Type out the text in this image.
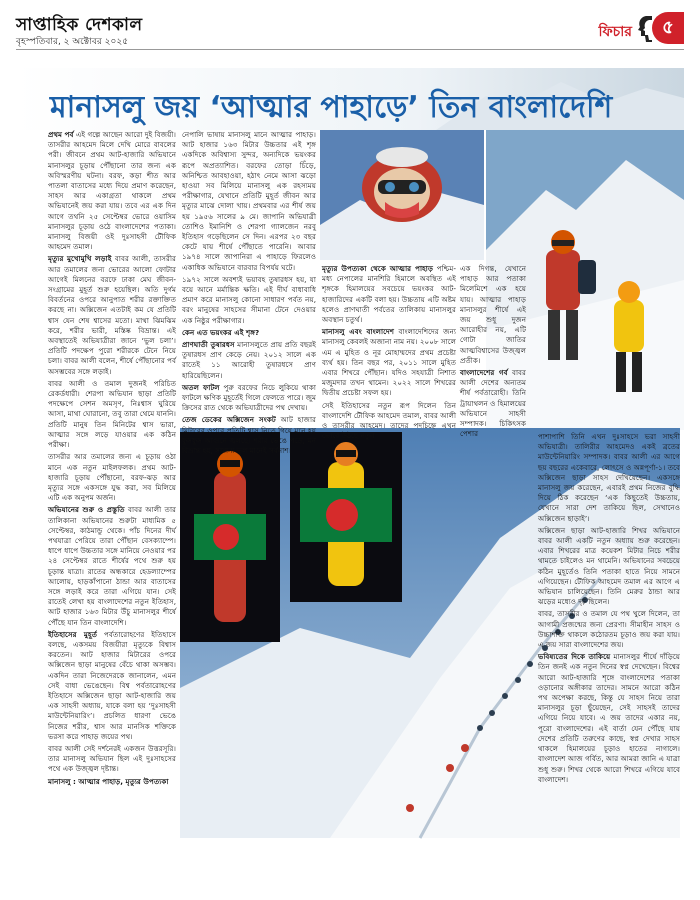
সাপ্তাহিক দেশকাল
বৃহস্পতিবার, ২ অক্টোবর ২০২৫
ফিচার	৫
মানাসলু জয় ‘আত্মার পাহাড়ে’ তিন বাংলাদেশি

প্রথম পর্ব এই গল্পে আছেন আরো দুই বিজয়ী। তাসরীর আহমেদ মিলে দেখি মোরে বাবলের পরী। জীবনে প্রথম আট-হাজারি অভিযানে মানাসলুর চূড়ায় পৌঁছানো তার জন্য এক অবিস্মরণীয় ঘটনা। বরফ, কড়া শীত আর পাতলা বাতাসের মধ্যে দিয়ে প্রমাণ করেছেন, সাহস আর একাগ্রতা থাকলে প্রথম অভিযানেই জয় করা যায়। তবে এর এক দিন আগে তথনি ২৫ সেপ্টেম্বর ভোরে ওয়াসিম মানাসলুর চূড়ায় ওঠে বাংলাদেশের পতাকা। মানাসলু বিজয়ী ওই দুঃসাহসী টৌফিক আহমেদ তমাল।

মৃত্যুর মুখোমুখি লড়াই বাবর আলী, তাসরীর আর তমালের জন্য ভোরের আলো ফোটার আগেই মিলনের বরফে ঢাকা মেঘ জীবন-সংগ্রামের মুহূর্ত শুরু হয়েছিল। অতি দুর্গম বিবর্তনের ওপরে আনুপাত শরীর রক্তাক্তিত করছে না। অক্সিজেন এতটাই কম যে প্রতিটি শ্বাস যেন শেষ শ্বাসের মতো। মাথা ঝিমঝিম করে, শরীর ভারী, মস্তিষ্ক বিভ্রান্ত। এই অবস্থাতেই অভিযাত্রীরা জানে ‘ভুল চলা’। প্রতিটি পদক্ষেপ পুরো শরীরকে টেনে নিয়ে চলা। বাবর আলী বলেন, শীর্ষে পৌঁছানোর পর্ব অসম্ভবের সঙ্গে লড়াই।

বাবর আলী ও তমাল দুজনই পরিচিত রেকর্ডধারী। শেরপা অভিযান ছাড়া প্রতিটি পদক্ষেপে সেশন অমসৃণ, নিঃশ্বাস ঘুরিয়ে আসা, মাথা ঘোরানো, তবু তারা থেমে যাননি। প্রতিটি মানুষ তিন মিনিটের শ্বাস ভারা, আত্মার সঙ্গে লড়ে যাওয়ার এক কঠিন পরীক্ষা।

তাসরীর আর তমালের জন্য এ চূড়ায় ওঠা মানে এক নতুন মাইলফলক। প্রথম আট-হাজারি চূড়ায় পৌঁছানো, বরফ-ঝড় আর মৃত্যুর সঙ্গে একসঙ্গে যুদ্ধ করা, সব মিলিয়ে এটি এক অনুপম অর্জন।

অভিযানের শুরু ও প্রস্তুতি বাবর আলী তার তালিকানা অভিযানের শুরুটা মাধ্যমিক ৫ সেপ্টেম্বর, কাঠমান্ডু থেকে। পাঁচ দিনের দীর্ঘ পথযাত্রা পেরিয়ে তারা পৌঁছান বেসক্যাম্পে। ধাপে ধাপে উচ্চতার সঙ্গে মানিয়ে নেওয়ার পর ২৪ সেপ্টেম্বর রাতে শীর্ষের পথে শুরু হয় চূড়ান্ত যাত্রা। রাতের অন্ধকারে হেডল্যাম্পের আলোয়, হাড়কাঁপানো ঠান্ডা আর বাতাসের সঙ্গে লড়াই করে তারা এগিয়ে যান। সেই রাতেই লেখা হয় বাংলাদেশের নতুন ইতিহাস, আট হাজার ১৬৩ মিটার উঁচু মানাসলুর শীর্ষে পৌঁছে যান তিন বাংলাদেশি।

ইতিহাসের মুহূর্ত পর্বতারোহণের ইতিহাসে বলছে, একসময় বিজয়ীরা মৃত্যুকে বিশ্বাস করতেন। আট হাজার মিটারের ওপরে অক্সিজেন ছাড়া মানুষের বেঁচে থাকা অসম্ভব। একদিন তারা নিজেদেরকে জানালেন, এমন সেই বাধা ভেঙেছেন। বিশ্ব পর্বতারোহণের ইতিহাসে অক্সিজেন ছাড়া আট-হাজারি জয় এক সাহসী অধ্যায়, যাকে বলা হয় ‘দুঃসাহসী মাউন্টেনিয়ারিং’। প্রচলিত ধারণা ভেঙে নিজের শরীর, শ্বাস আর মানসিক শক্তিকে ভরসা করে পাহাড় জয়ের পথ।

বাবর আলী সেই দর্শনেরই একজন উত্তরসূরি। তার মানাসলু অভিযান ছিল এই দুঃসাহসের পথে এক উজ্জ্বল দৃষ্টান্ত।

মানাসলু : আত্মার পাহাড়, মৃত্যুর উপত্যকা

নেপালি ভাষায় মানাসলু মানে আত্মার পাহাড়। আট হাজার ১৬৩ মিটার উচ্চতার এই শৃঙ্গ একদিকে অবিশ্বাস্য সুন্দর, অন্যদিকে ভয়ংকর রূপে অপ্রত্যাশিত। বরফের তোড়া চিঁড়ে, অনিশ্চিত আবহাওয়া, হঠাৎ নেমে আসা ঝড়ো হাওয়া সব মিলিয়ে মানাসলু এক রহস্যময় পরীক্ষাগার, যেখানে প্রতিটি মুহূর্ত জীবন আর মৃত্যুর মাঝে দোলা খায়। প্রথমবার এর শীর্ষ জয় হয় ১৯৫৬ সালের ৯ মে। জাপানি অভিযাত্রী তোশিও ইমানিশি ও শেরপা গ্যালজেন নরবু ইতিহাস গড়েছিলেন সে দিন। এরপর ২৩ বছর কেটে যায় শীর্ষে পৌঁছাতে পারেনি। আবার ১৯৭৪ সালে জাপানিরা এ পাহাড়ে ফিরলেও একাধিক অভিযানে বারবার বিপর্যয় ঘটে।

১৯৭২ সালে অবশ্যই ভয়াবহ তুষারধস হয়, যা বয়ে আনে মর্মান্তিক ক্ষতি। এই দীর্ঘ বাধাবাধি প্রমাণ করে মানাসলু কোনো সাধারণ পর্বত নয়, বরং মানুষের সাহসের সীমানা টেনে দেওয়ার এক নিষ্ঠুর পরীক্ষাগার।

কেন এত ভয়ংকর এই শৃঙ্গ?

প্রাণঘাতী তুষারধস মানাসলুতে প্রায় প্রতি বছরই তুষারধস প্রাণ কেড়ে নেয়। ২০১২ সালে এক রাতেই ১১ আরোহী তুষারধসে প্রাণ হারিয়েছিলেন।

অতল ফাটল পুরু বরফের নিচে লুকিয়ে থাকা ফাটলে ক্ষণিক মুহূর্তেই গিলে ফেলতে পারে। জুম ক্রিসের রাত থেকে অভিযাত্রীদের পথ দেখায়।

তেজ ডেকের অক্সিজেন সংকট আট হাজার মিটারের ওপরে প্রতিটি শ্বাস নিতে গিয়ে মনে হয় ফুসফুস আগুনে জ্বলছে। শরীর ভেঙে পড়ে, মন বিভ্রান্ত হয়, সামান্য ভুল মানেই সর্বনাশ।

মৃত্যুর উপত্যকা থেকে আত্মার পাহাড় পশ্চিম-মধ্য নেপালের মানশিরি হিমালে অবস্থিত এই শৃঙ্গকে হিমালয়ের সবচেয়ে ভয়ংকর আট-হাজারিদের একটি বলা হয়। উচ্চতায় এটি অষ্টম হলেও প্রাণঘাতী পর্বতের তালিকায় মানাসলুর অবস্থান চতুর্থ।

মানাসলু এবং বাংলাদেশ বাংলাদেশিদের জন্য মানাসলু কেবলই অজানা নাম নয়। ২০০৮ সালে এম এ মুহিত ও নূর মোহাম্মদের প্রথম প্রচেষ্টা ব্যর্থ হয়। তিন বছর পর, ২০১১ সালে মুহিত এবার শিখরে পৌঁছান। যদিও সহযাত্রী নিশাত মজুমদার তখন থামেন। ২০২২ সালে শিখরের দ্বিতীয় প্রচেষ্টা সফল হয়।

সেই ইতিহাসের নতুন রূপ দিলেন তিন বাংলাদেশি টৌফিক আহমেদ তমাল, বাবর আলী ও তাসরীর আহমেদ। তাদের পদচিহ্নে এখন ভোরে উঠছে নতুন

এক দিগন্ত, যেখানে পাহাড় আর পতাকা মিলেমিশে এক হয়ে যায়। আত্মার পাহাড় মানাসলুর শীর্ষে এই জয় শুধু দুজন আরোহীর নয়, এটি গোটা জাতির আত্মবিশ্বাসের উজ্জ্বল প্রতীক।

বাংলাদেশের গর্ব বাবর আলী দেশের অন্যতম শীর্ষ পর্বতারোহী। তিনি ট্রায়াথলন ও হিমালয়ের অভিযানে সাহসী সম্পাদক। চিকিৎসক পেশার	পাশাপাশি তিনি এখন দুঃসাহসে ভরা সাহসী অভিযাত্রী। তালিরীর আহমেদও একই ব্রতের মাউন্টেনিয়ারিং সম্পাদক। বাবর আলী এর আগে ছয় বছরের একেবারে, লোৎসে ও অন্নপূর্ণা-১। তবে অক্সিজেন ছাড়া সাহস দেখিয়েছেন। একসঙ্গে মানাসলু জয় করেছেন, এবারই প্রথম নিজের বুদ্ধি দিয়ে ঠিক করেছেন ‘এক কিছুতেই উচ্চতায়, যেখানে সারা দেশ তাকিয়ে ছিল, সেখানেও অক্সিজেন ছাড়াই’।

অক্সিজেন ছাড়া আট-হাজারি শিখর অভিযানে বাবর আলী একটি নতুন অধ্যায় শুরু করেছেন। এবার শিখরের মাত্র কয়েকশ মিটার নিচে শরীর থামতে চাইলেও মন থামেনি। অভিযানের সবচেয়ে কঠিন মুহূর্তেও তিনি পতাকা হাতে নিয়ে সামনে এগিয়েছেন। টৌফিক আহমেদ তমাল এর আগে এ অভিযান চালিয়েছেন। তিনি মেরুর ঠান্ডা আর ঝড়ের মধ্যেও দৃঢ় ছিলেন।

বাবর, তাসরীর ও তমাল যে পথ খুলে দিলেন, তা আগামী প্রজন্মের জন্য প্রেরণা। সীমাহীন সাহস ও উচ্চাশক্তি থাকলে কঠোরতম চূড়াও জয় করা যায়। এ জয় সারা বাংলাদেশের জয়।

ভবিষ্যতের দিকে তাকিয়ে মানাসলুর শীর্ষে দাঁড়িয়ে তিন জনই এক নতুন দিনের স্বপ্ন দেখেছেন। বিশ্বের আরো আট-হাজারি শৃঙ্গে বাংলাদেশের পতাকা ওড়ানোর অঙ্গীকার তাদের। সামনে আরো কঠিন পথ অপেক্ষা করছে, কিন্তু যে সাহস নিয়ে তারা মানাসলুর চূড়া ছুঁয়েছেন, সেই সাহসই তাদের এগিয়ে নিয়ে যাবে। এ জয় তাদের একার নয়, পুরো বাংলাদেশের। এই বার্তা যেন পৌঁছে যায় দেশের প্রতিটি তরুণের কাছে, স্বপ্ন দেখার সাহস থাকলে হিমালয়ের চূড়াও হাতের নাগালে। বাংলাদেশ আজ গর্বিত, আর আমরা জানি এ যাত্রা শুধু শুরু। শিখর থেকে আরো শিখরে এগিয়ে যাবে বাংলাদেশ।
